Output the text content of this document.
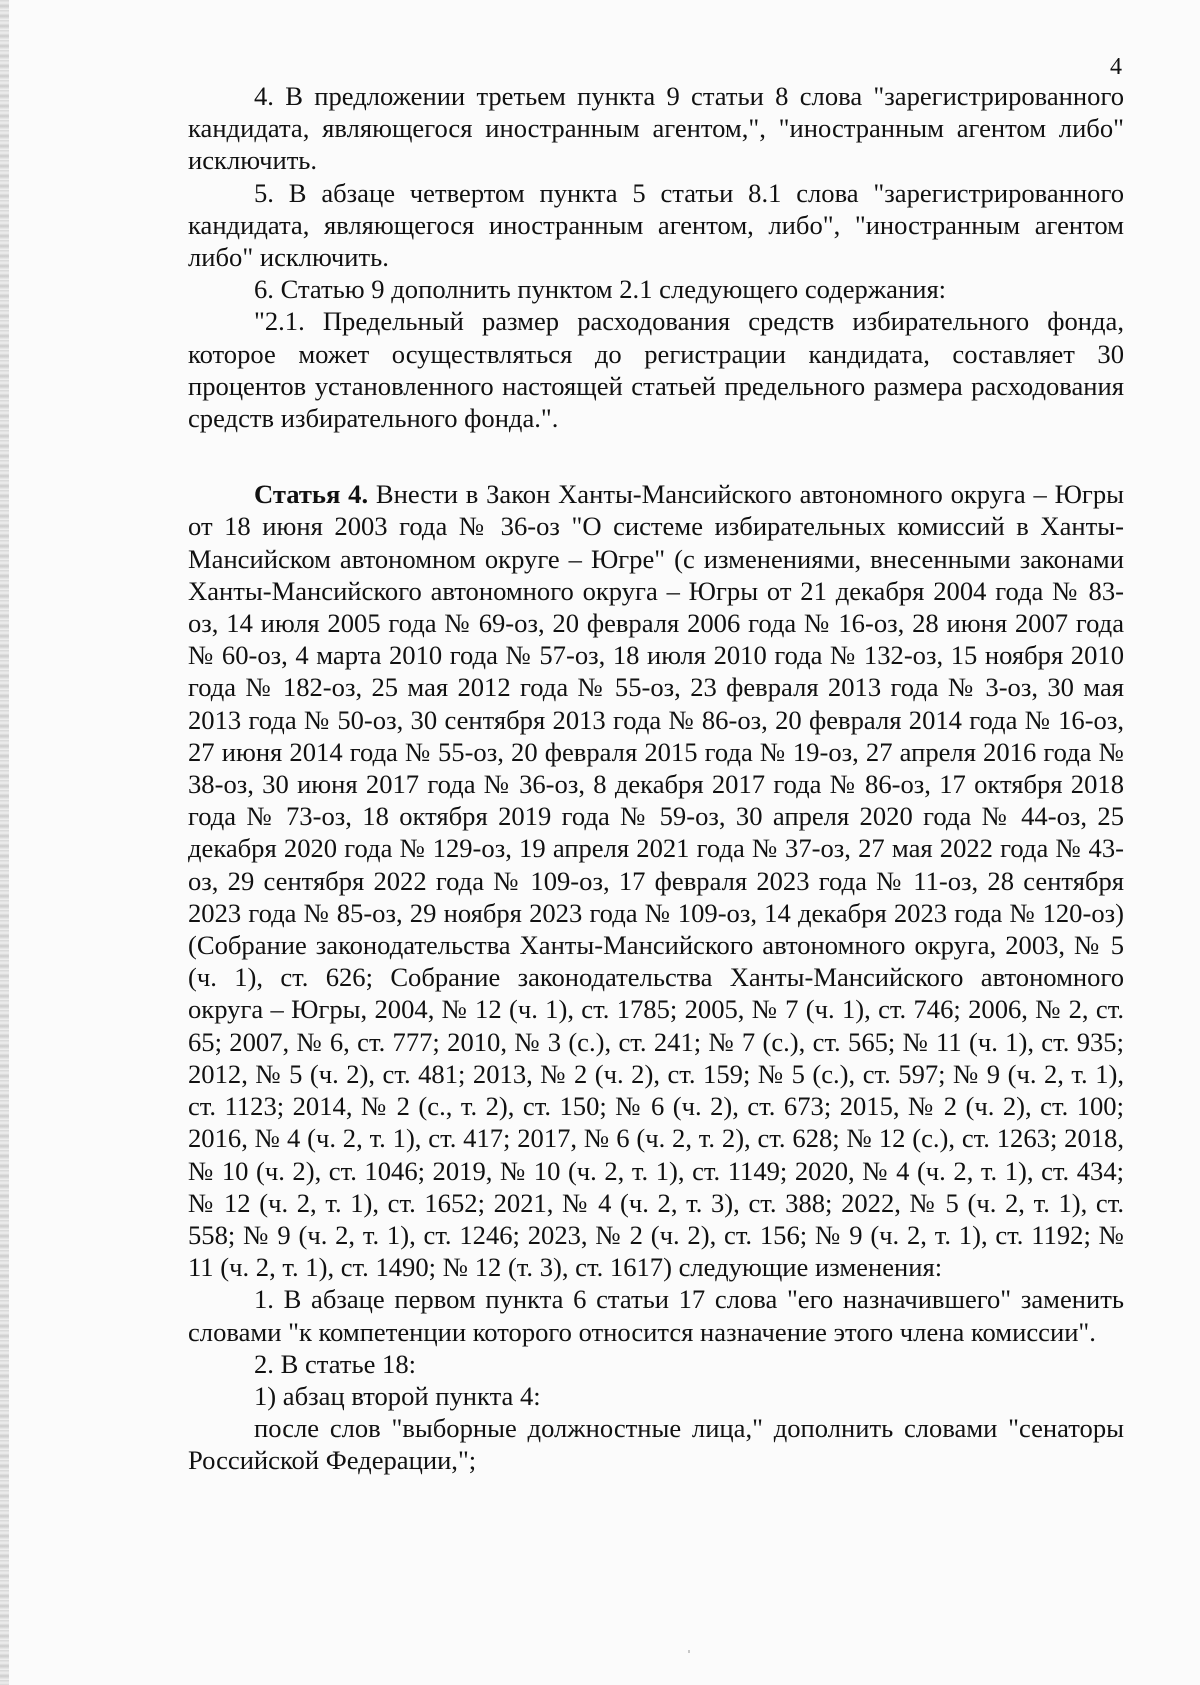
4

4. В предложении третьем пункта 9 статьи 8 слова "зарегистрированного кандидата, являющегося иностранным агентом,", "иностранным агентом либо" исключить.

5. В абзаце четвертом пункта 5 статьи 8.1 слова "зарегистрированного кандидата, являющегося иностранным агентом, либо", "иностранным агентом либо" исключить.

6. Статью 9 дополнить пунктом 2.1 следующего содержания:

"2.1. Предельный размер расходования средств избирательного фонда, которое может осуществляться до регистрации кандидата, составляет 30 процентов установленного настоящей статьей предельного размера расходования средств избирательного фонда.".

Статья 4. Внести в Закон Ханты-Мансийского автономного округа – Югры от 18 июня 2003 года № 36-оз "О системе избирательных комиссий в Ханты-Мансийском автономном округе – Югре" (с изменениями, внесенными законами Ханты-Мансийского автономного округа – Югры от 21 декабря 2004 года № 83-оз, 14 июля 2005 года № 69-оз, 20 февраля 2006 года № 16-оз, 28 июня 2007 года № 60-оз, 4 марта 2010 года № 57-оз, 18 июля 2010 года № 132-оз, 15 ноября 2010 года № 182-оз, 25 мая 2012 года № 55-оз, 23 февраля 2013 года № 3-оз, 30 мая 2013 года № 50-оз, 30 сентября 2013 года № 86-оз, 20 февраля 2014 года № 16-оз, 27 июня 2014 года № 55-оз, 20 февраля 2015 года № 19-оз, 27 апреля 2016 года № 38-оз, 30 июня 2017 года № 36-оз, 8 декабря 2017 года № 86-оз, 17 октября 2018 года № 73-оз, 18 октября 2019 года № 59-оз, 30 апреля 2020 года № 44-оз, 25 декабря 2020 года № 129-оз, 19 апреля 2021 года № 37-оз, 27 мая 2022 года № 43-оз, 29 сентября 2022 года № 109-оз, 17 февраля 2023 года № 11-оз, 28 сентября 2023 года № 85-оз, 29 ноября 2023 года № 109-оз, 14 декабря 2023 года № 120-оз) (Собрание законодательства Ханты-Мансийского автономного округа, 2003, № 5 (ч. 1), ст. 626; Собрание законодательства Ханты-Мансийского автономного округа – Югры, 2004, № 12 (ч. 1), ст. 1785; 2005, № 7 (ч. 1), ст. 746; 2006, № 2, ст. 65; 2007, № 6, ст. 777; 2010, № 3 (с.), ст. 241; № 7 (с.), ст. 565; № 11 (ч. 1), ст. 935; 2012, № 5 (ч. 2), ст. 481; 2013, № 2 (ч. 2), ст. 159; № 5 (с.), ст. 597; № 9 (ч. 2, т. 1), ст. 1123; 2014, № 2 (с., т. 2), ст. 150; № 6 (ч. 2), ст. 673; 2015, № 2 (ч. 2), ст. 100; 2016, № 4 (ч. 2, т. 1), ст. 417; 2017, № 6 (ч. 2, т. 2), ст. 628; № 12 (с.), ст. 1263; 2018, № 10 (ч. 2), ст. 1046; 2019, № 10 (ч. 2, т. 1), ст. 1149; 2020, № 4 (ч. 2, т. 1), ст. 434; № 12 (ч. 2, т. 1), ст. 1652; 2021, № 4 (ч. 2, т. 3), ст. 388; 2022, № 5 (ч. 2, т. 1), ст. 558; № 9 (ч. 2, т. 1), ст. 1246; 2023, № 2 (ч. 2), ст. 156; № 9 (ч. 2, т. 1), ст. 1192; № 11 (ч. 2, т. 1), ст. 1490; № 12 (т. 3), ст. 1617) следующие изменения:

1. В абзаце первом пункта 6 статьи 17 слова "его назначившего" заменить словами "к компетенции которого относится назначение этого члена комиссии".

2. В статье 18:

1) абзац второй пункта 4:

после слов "выборные должностные лица," дополнить словами "сенаторы Российской Федерации,";
